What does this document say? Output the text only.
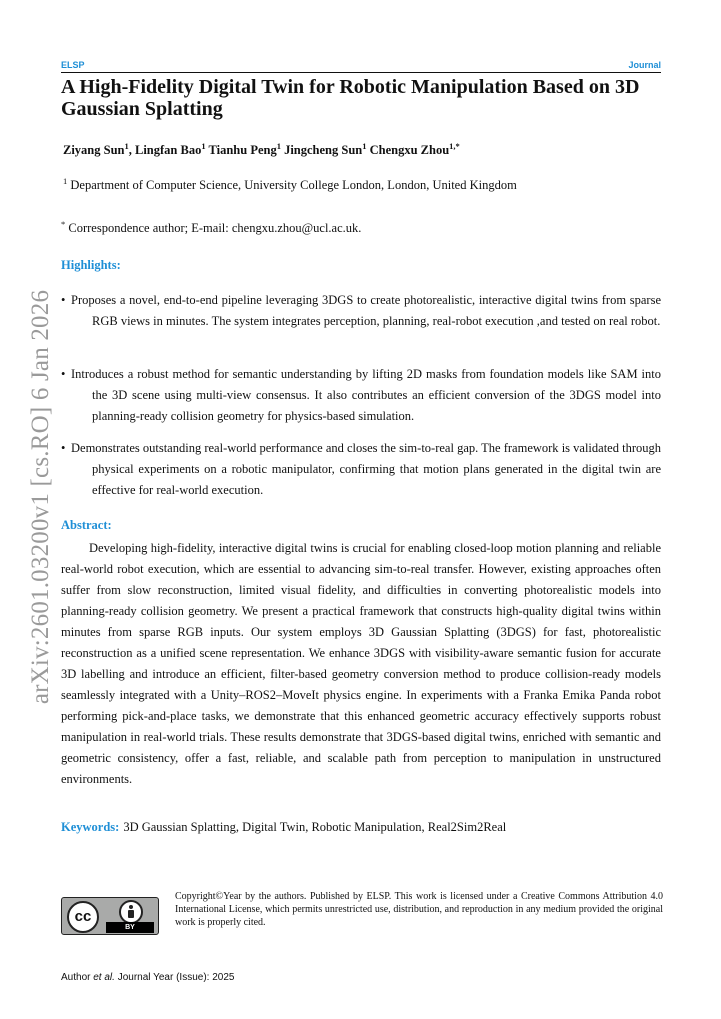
arXiv:2601.03200v1 [cs.RO] 6 Jan 2026
ELSP	Journal
A High-Fidelity Digital Twin for Robotic Manipulation Based on 3D Gaussian Splatting
Ziyang Sun$^1$, Lingfan Bao$^1$ Tianhu Peng$^1$ Jingcheng Sun$^1$ Chengxu Zhou$^{1,*}$
$^1$ Department of Computer Science, University College London, London, United Kingdom
* Correspondence author; E-mail: chengxu.zhou@ucl.ac.uk.
Highlights:
• Proposes a novel, end-to-end pipeline leveraging 3DGS to create photorealistic, interactive digital twins from sparse RGB views in minutes. The system integrates perception, planning, real-robot execution ,and tested on real robot.
• Introduces a robust method for semantic understanding by lifting 2D masks from foundation models like SAM into the 3D scene using multi-view consensus. It also contributes an efficient conversion of the 3DGS model into planning-ready collision geometry for physics-based simulation.
• Demonstrates outstanding real-world performance and closes the sim-to-real gap. The framework is validated through physical experiments on a robotic manipulator, confirming that motion plans generated in the digital twin are effective for real-world execution.
Abstract:

Developing high-fidelity, interactive digital twins is crucial for enabling closed-loop motion planning and reliable real-world robot execution, which are essential to advancing sim-to-real transfer. However, existing approaches often suffer from slow reconstruction, limited visual fidelity, and difficulties in converting photorealistic models into planning-ready collision geometry. We present a practical framework that constructs high-quality digital twins within minutes from sparse RGB inputs. Our system employs 3D Gaussian Splatting (3DGS) for fast, photorealistic reconstruction as a unified scene representation. We enhance 3DGS with visibility-aware semantic fusion for accurate 3D labelling and introduce an efficient, filter-based geometry conversion method to produce collision-ready models seamlessly integrated with a Unity–ROS2–MoveIt physics engine. In experiments with a Franka Emika Panda robot performing pick-and-place tasks, we demonstrate that this enhanced geometric accuracy effectively supports robust manipulation in real-world trials. These results demonstrate that 3DGS-based digital twins, enriched with semantic and geometric consistency, offer a fast, reliable, and scalable path from perception to manipulation in unstructured environments.

Keywords: 3D Gaussian Splatting, Digital Twin, Robotic Manipulation, Real2Sim2Real
cc
BY

Copyright©Year by the authors. Published by ELSP. This work is licensed under a Creative Commons Attribution 4.0 International License, which permits unrestricted use, distribution, and reproduction in any medium provided the original work is properly cited.

Author et al. Journal Year (Issue): 2025
